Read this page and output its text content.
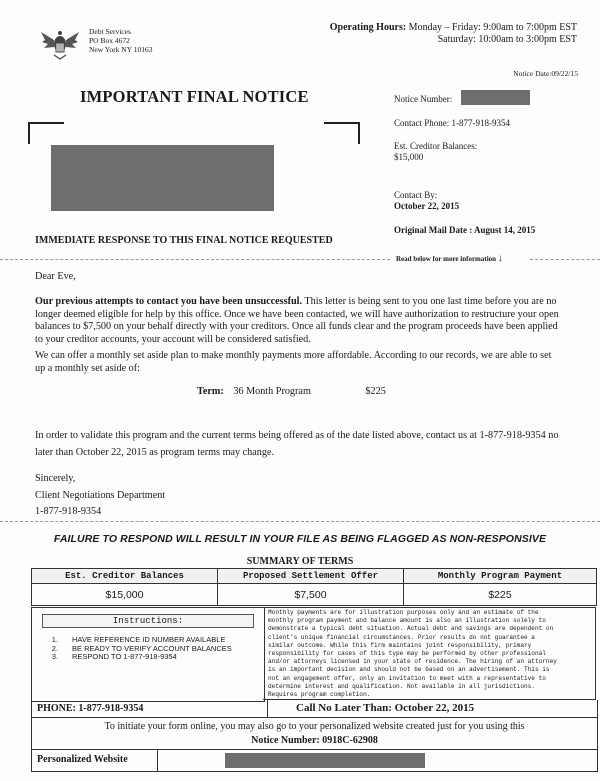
Debt Services
PO Box 4672
New York NY 10163
Operating Hours: Monday – Friday: 9:00am to 7:00pm EST
Saturday: 10:00am to 3:00pm EST
Notice Date:09/22/15
IMPORTANT FINAL NOTICE	Notice Number:
Contact Phone: 1-877-918-9354
Est. Creditor Balances:
$15,000
Contact By:
October 22, 2015
Original Mail Date : August 14, 2015
IMMEDIATE RESPONSE TO THIS FINAL NOTICE REQUESTED
Read below for more information ↓
Dear Eve,
Our previous attempts to contact you have been unsuccessful. This letter is being sent to you one last time before you are no
longer deemed eligible for help by this office. Once we have been contacted, we will have authorization to restructure your open
balances to $7,500 on your behalf directly with your creditors. Once all funds clear and the program proceeds have been applied
to your creditor accounts, your account will be considered satisfied.
We can offer a monthly set aside plan to make monthly payments more affordable. According to our records, we are able to set
up a monthly set aside of:
Term: 36 Month Program	$225
In order to validate this program and the current terms being offered as of the date listed above, contact us at 1-877-918-9354 no
later than October 22, 2015 as program terms may change.
Sincerely,
Client Negotiations Department
1-877-918-9354
FAILURE TO RESPOND WILL RESULT IN YOUR FILE AS BEING FLAGGED AS NON-RESPONSIVE
SUMMARY OF TERMS
Est. Creditor Balances	Proposed Settlement Offer	Monthly Program Payment
$15,000	$7,500	$225
Instructions:
1.	HAVE REFERENCE ID NUMBER AVAILABLE
2.	BE READY TO VERIFY ACCOUNT BALANCES
3.	RESPOND TO 1-877-918-9354
Monthly payments are for illustration purposes only and an estimate of the
monthly program payment and balance amount is also an illustration solely to
demonstrate a typical debt situation. Actual debt and savings are dependent on
client's unique financial circumstances. Prior results do not guarantee a
similar outcome. While this firm maintains joint responsibility, primary
responsibility for cases of this type may be performed by other professional
and/or attorneys licensed in your state of residence. The hiring of an attorney
is an important decision and should not be based on an advertisement. This is
not an engagement offer, only an invitation to meet with a representative to
determine interest and qualification. Not available in all jurisdictions.
Requires program completion.
PHONE: 1-877-918-9354	Call No Later Than: October 22, 2015
To initiate your form online, you may also go to your personalized website created just for you using this
Notice Number: 0918C-62908
Personalized Website
